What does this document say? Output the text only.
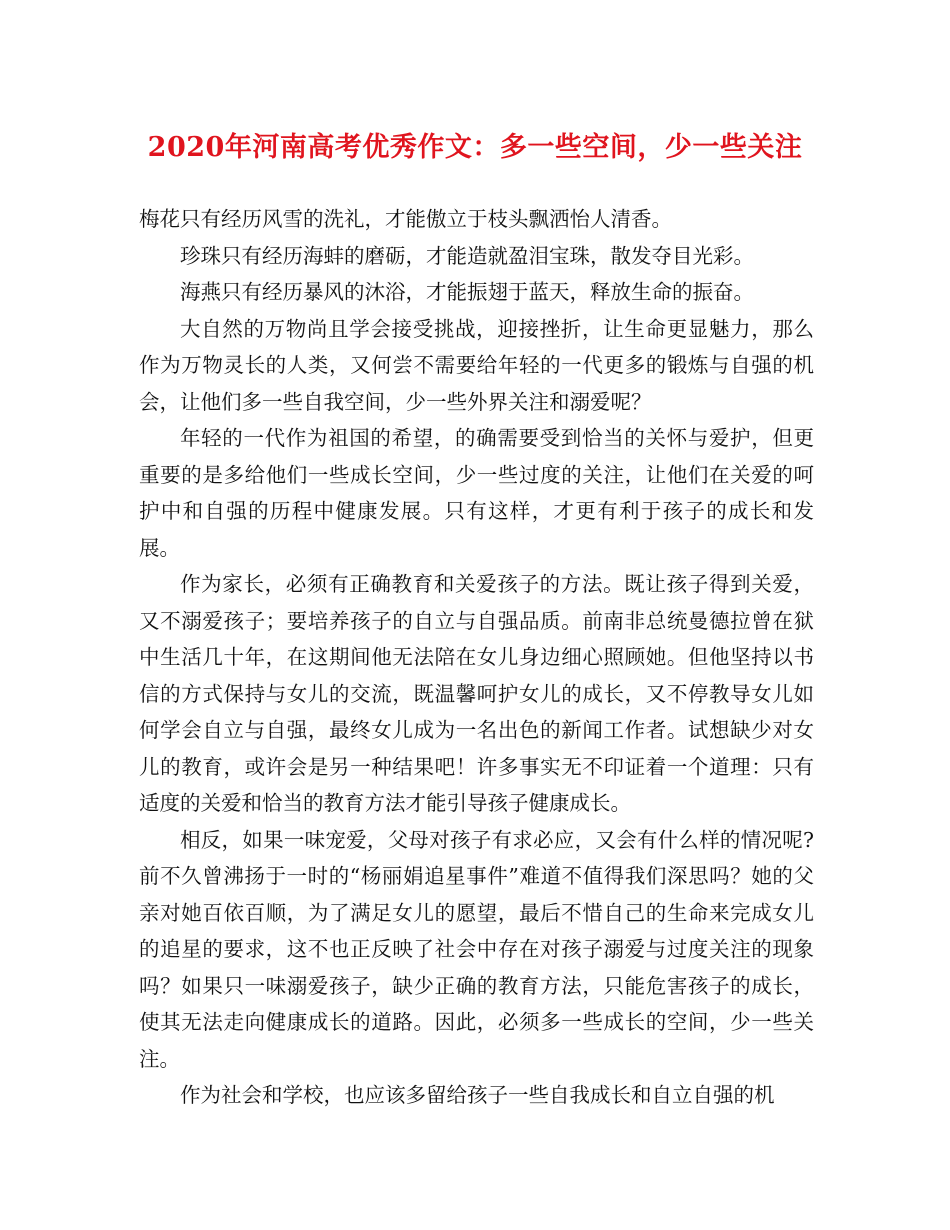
2020年河南高考优秀作文：多一些空间，少一些关注

梅花只有经历风雪的洗礼，才能傲立于枝头飘洒怡人清香。

珍珠只有经历海蚌的磨砺，才能造就盈泪宝珠，散发夺目光彩。

海燕只有经历暴风的沐浴，才能振翅于蓝天，释放生命的振奋。

大自然的万物尚且学会接受挑战，迎接挫折，让生命更显魅力，那么作为万物灵长的人类，又何尝不需要给年轻的一代更多的锻炼与自强的机会，让他们多一些自我空间，少一些外界关注和溺爱呢？

年轻的一代作为祖国的希望，的确需要受到恰当的关怀与爱护，但更重要的是多给他们一些成长空间，少一些过度的关注，让他们在关爱的呵护中和自强的历程中健康发展。只有这样，才更有利于孩子的成长和发展。

作为家长，必须有正确教育和关爱孩子的方法。既让孩子得到关爱，又不溺爱孩子；要培养孩子的自立与自强品质。前南非总统曼德拉曾在狱中生活几十年，在这期间他无法陪在女儿身边细心照顾她。但他坚持以书信的方式保持与女儿的交流，既温馨呵护女儿的成长，又不停教导女儿如何学会自立与自强，最终女儿成为一名出色的新闻工作者。试想缺少对女儿的教育，或许会是另一种结果吧！许多事实无不印证着一个道理：只有适度的关爱和恰当的教育方法才能引导孩子健康成长。

相反，如果一味宠爱，父母对孩子有求必应，又会有什么样的情况呢?前不久曾沸扬于一时的“杨丽娟追星事件”难道不值得我们深思吗？她的父亲对她百依百顺，为了满足女儿的愿望，最后不惜自己的生命来完成女儿的追星的要求，这不也正反映了社会中存在对孩子溺爱与过度关注的现象吗？如果只一味溺爱孩子，缺少正确的教育方法，只能危害孩子的成长，使其无法走向健康成长的道路。因此，必须多一些成长的空间，少一些关注。

作为社会和学校，也应该多留给孩子一些自我成长和自立自强的机
